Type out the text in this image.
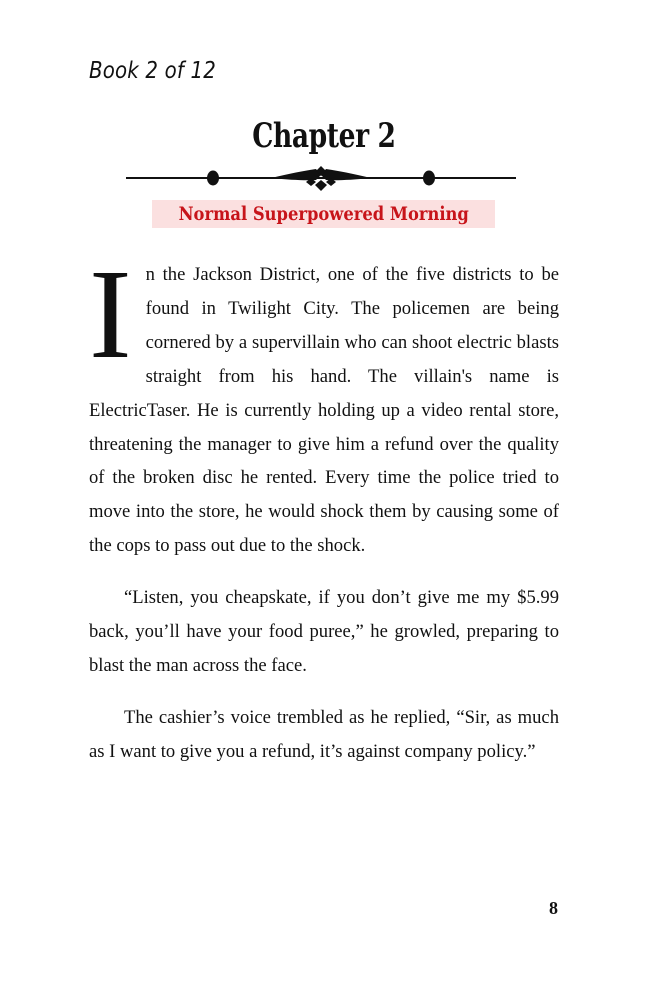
Book 2 of 12
Chapter 2
Normal Superpowered Morning

I n the Jackson District, one of the five districts to be found in Twilight City. The policemen are being cornered by a supervillain who can shoot electric blasts straight from his hand. The villain's name is ElectricTaser. He is currently holding up a video rental store, threatening the manager to give him a refund over the quality of the broken disc he rented. Every time the police tried to move into the store, he would shock them by causing some of the cops to pass out due to the shock.

“Listen, you cheapskate, if you don’t give me my $5.99 back, you’ll have your food puree,” he growled, preparing to blast the man across the face.

The cashier’s voice trembled as he replied, “Sir, as much as I want to give you a refund, it’s against company policy.”

8
